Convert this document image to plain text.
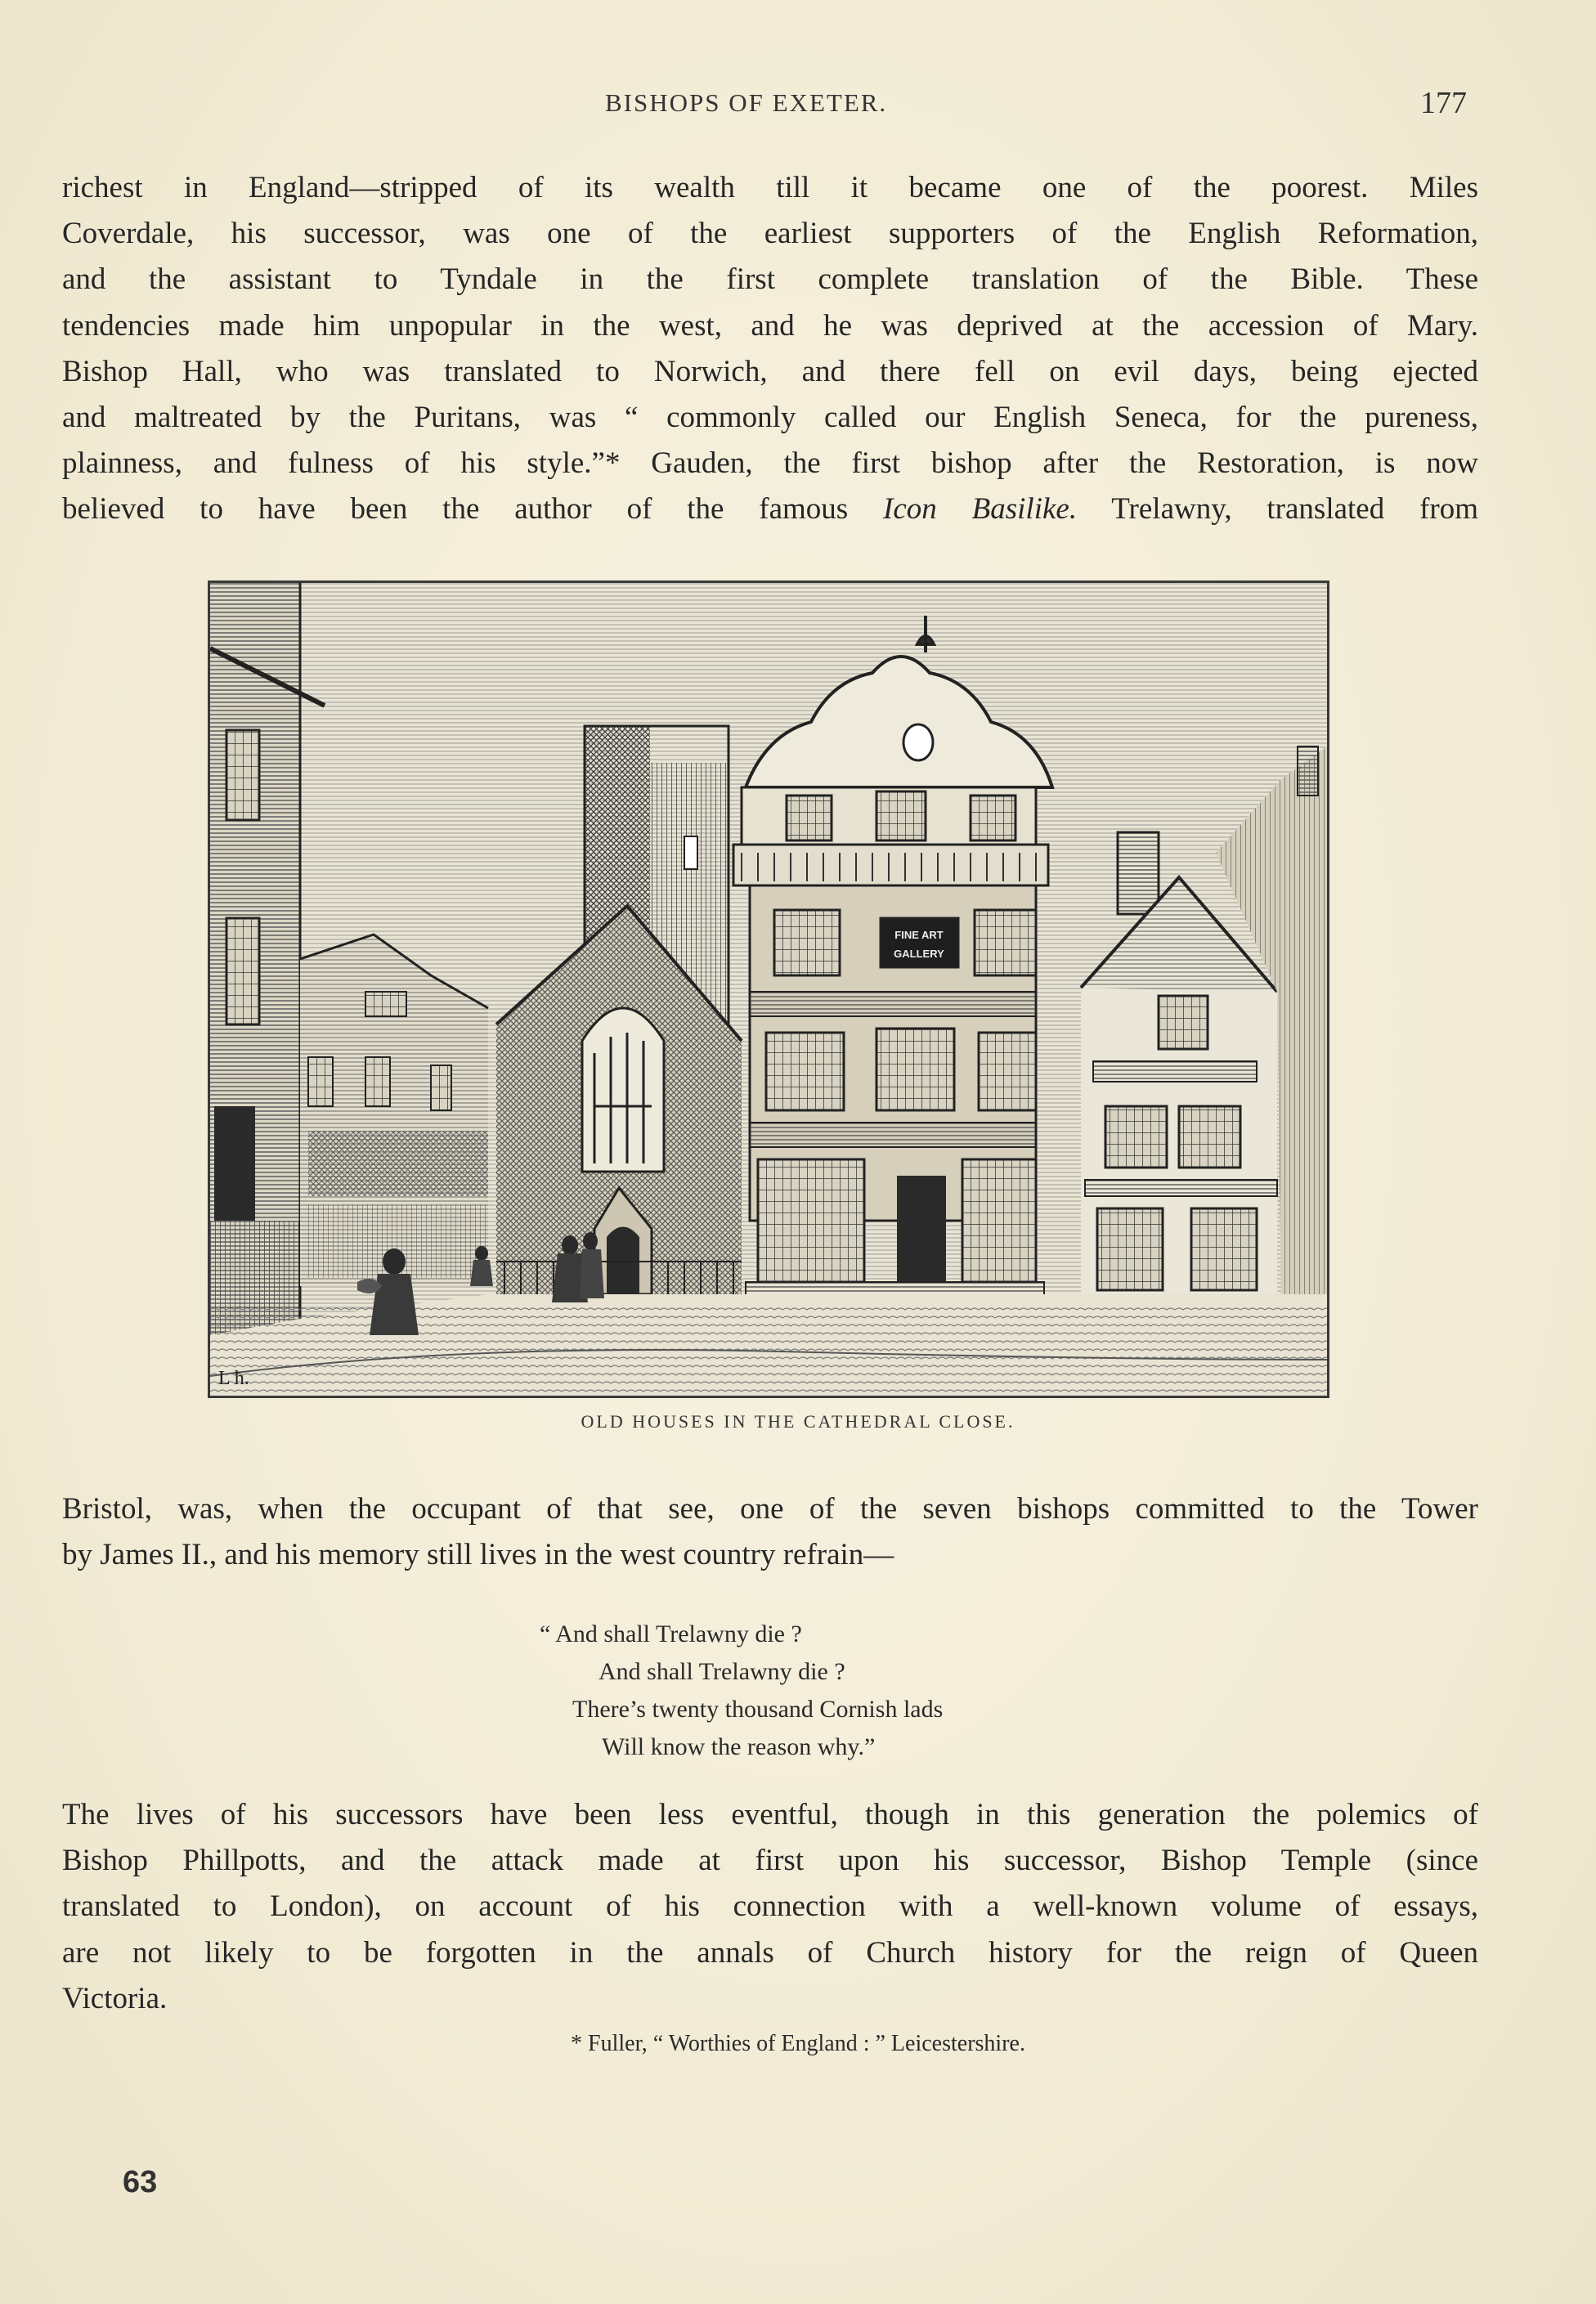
BISHOPS OF EXETER.	177
richest in England—stripped of its wealth till it became one of the poorest. Miles
Coverdale, his successor, was one of the earliest supporters of the English Reformation,
and the assistant to Tyndale in the first complete translation of the Bible. These
tendencies made him unpopular in the west, and he was deprived at the accession of Mary.
Bishop Hall, who was translated to Norwich, and there fell on evil days, being ejected
and maltreated by the Puritans, was “ commonly called our English Seneca, for the pureness,
plainness, and fulness of his style.”* Gauden, the first bishop after the Restoration, is now
believed to have been the author of the famous Icon Basilike. Trelawny, translated from
FINE ART
GALLERY
L ħ.
OLD HOUSES IN THE CATHEDRAL CLOSE.
Bristol, was, when the occupant of that see, one of the seven bishops committed to the Tower
by James II., and his memory still lives in the west country refrain—
“ And shall Trelawny die ?
And shall Trelawny die ?
There’s twenty thousand Cornish lads
Will know the reason why.”
The lives of his successors have been less eventful, though in this generation the polemics of
Bishop Phillpotts, and the attack made at first upon his successor, Bishop Temple (since
translated to London), on account of his connection with a well-known volume of essays,
are not likely to be forgotten in the annals of Church history for the reign of Queen
Victoria.
* Fuller, “ Worthies of England : ” Leicestershire.
63
